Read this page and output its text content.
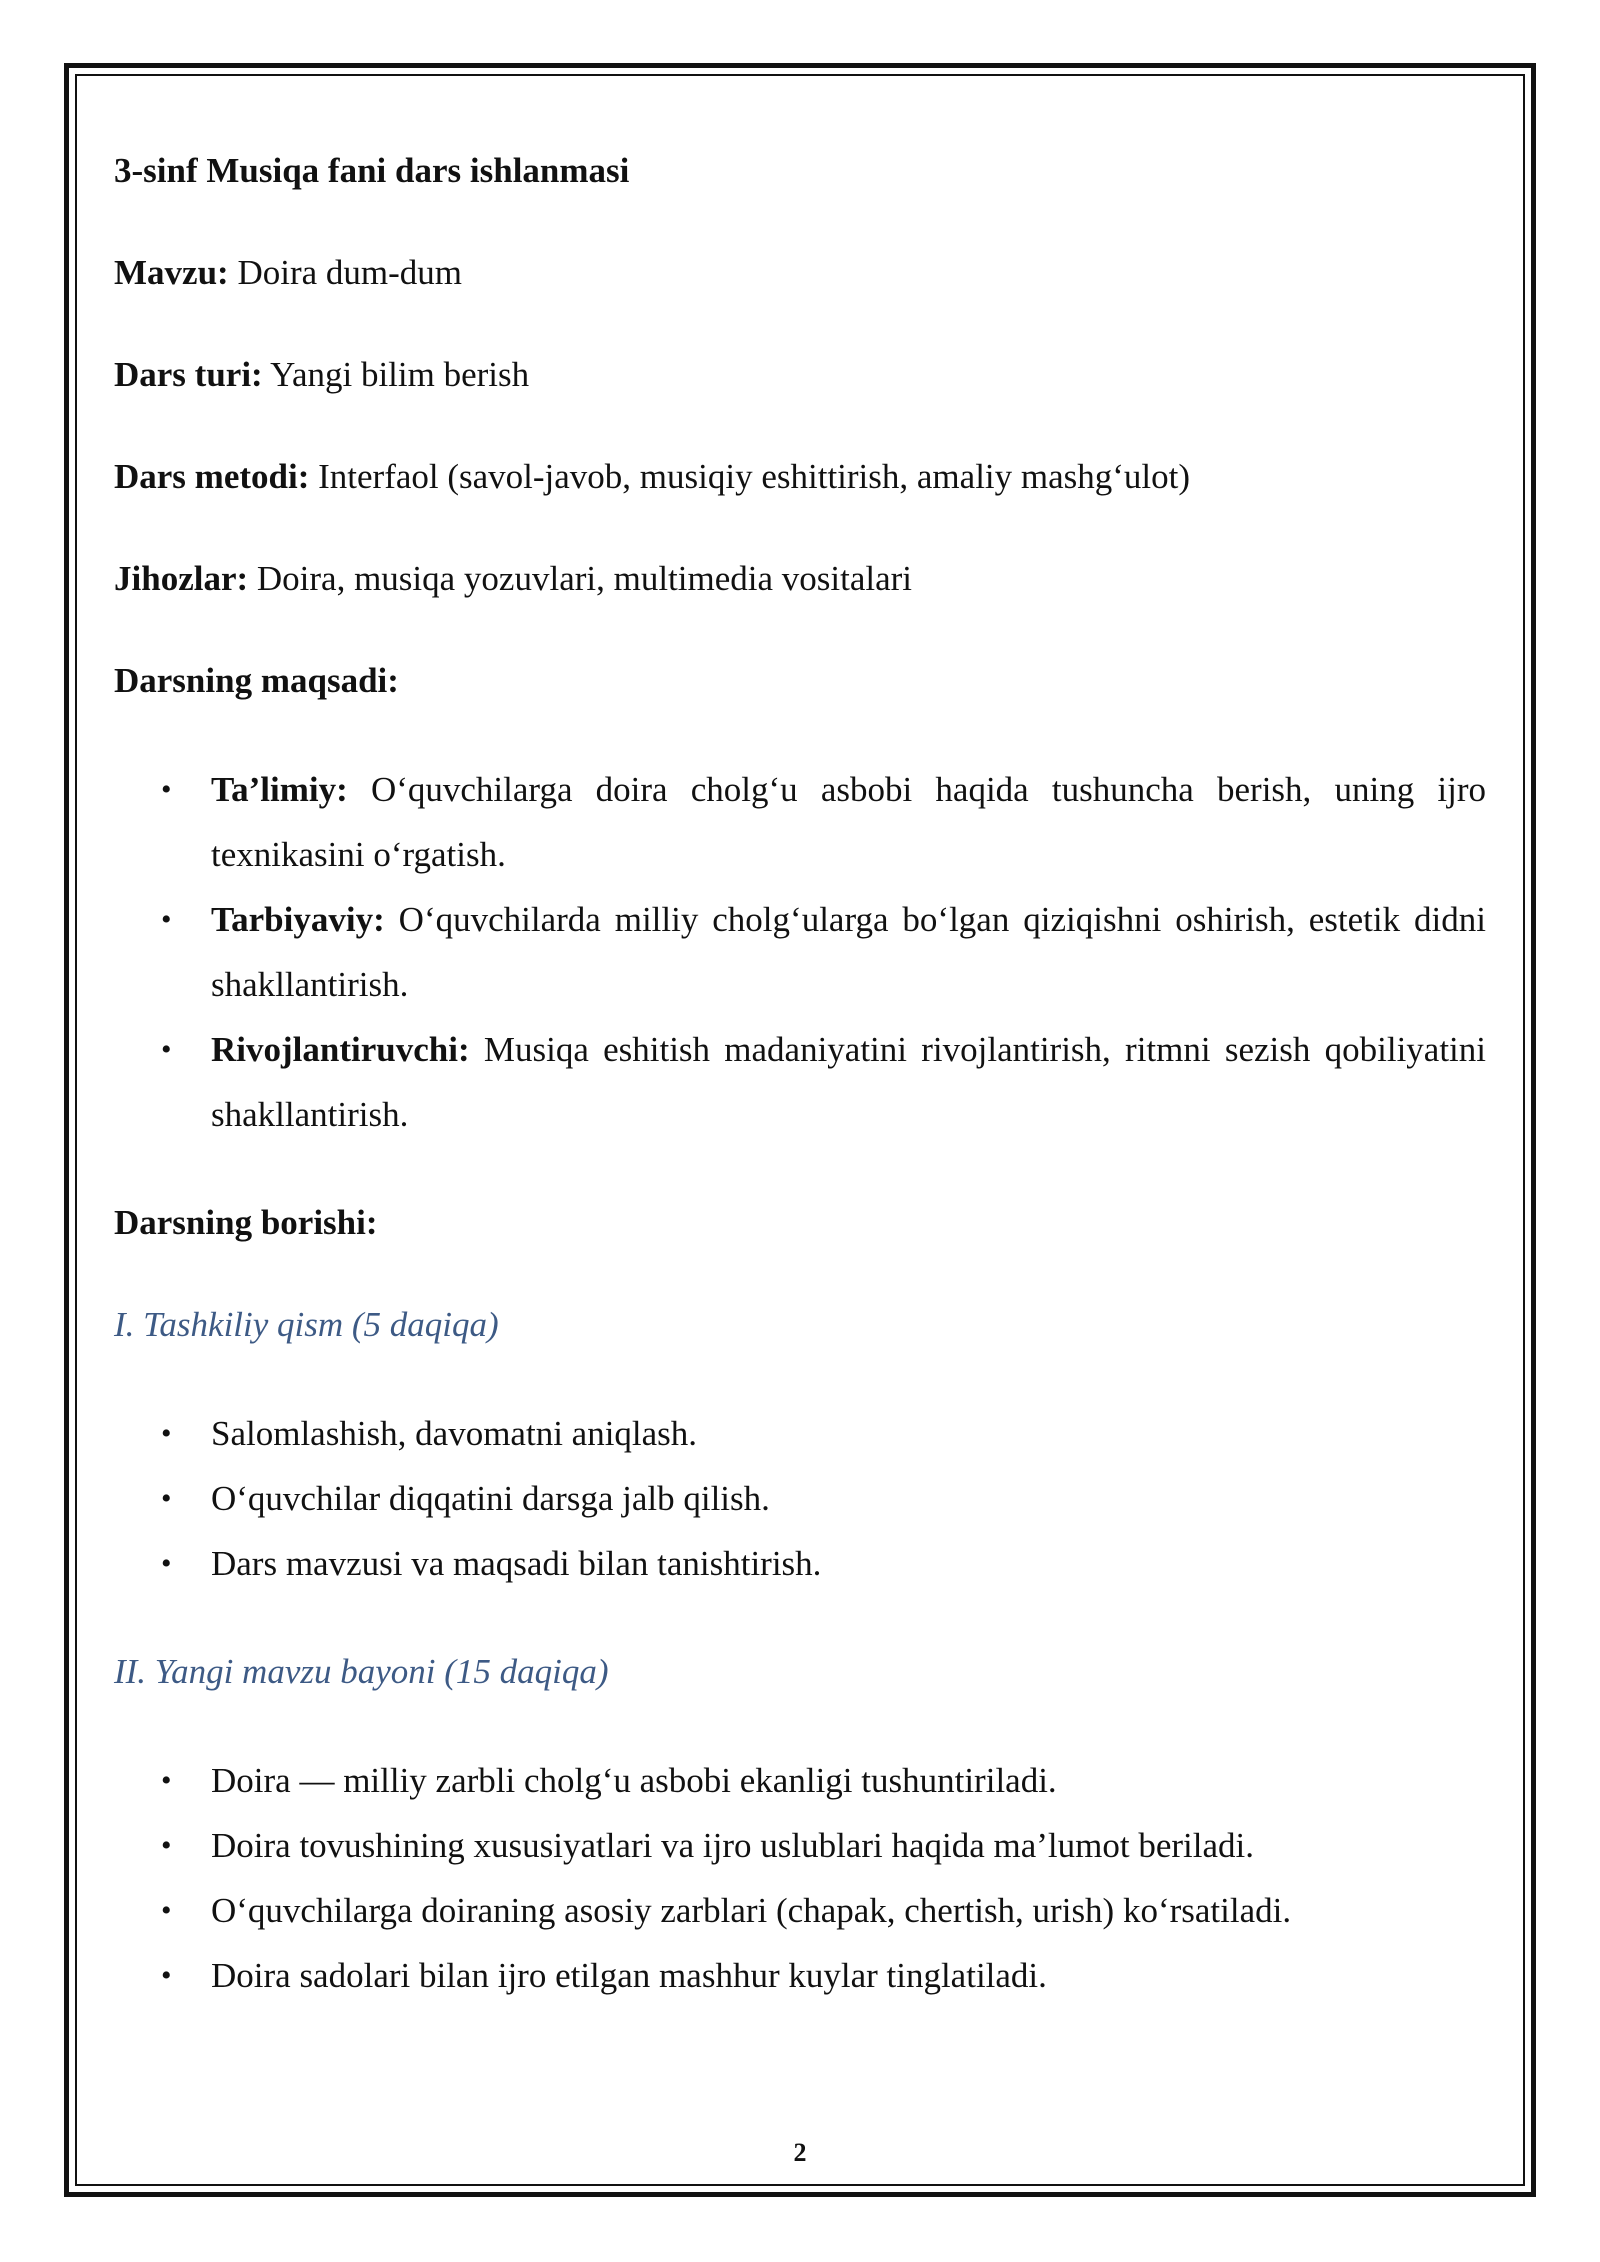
3-sinf Musiqa fani dars ishlanmasi

Mavzu: Doira dum-dum

Dars turi: Yangi bilim berish

Dars metodi: Interfaol (savol-javob, musiqiy eshittirish, amaliy mashg‘ulot)

Jihozlar: Doira, musiqa yozuvlari, multimedia vositalari

Darsning maqsadi:

• Ta’limiy: O‘quvchilarga doira cholg‘u asbobi haqida tushuncha berish, uning ijro texnikasini o‘rgatish.
• Tarbiyaviy: O‘quvchilarda milliy cholg‘ularga bo‘lgan qiziqishni oshirish, estetik didni shakllantirish.
• Rivojlantiruvchi: Musiqa eshitish madaniyatini rivojlantirish, ritmni sezish qobiliyatini shakllantirish.

Darsning borishi:

I. Tashkiliy qism (5 daqiqa)

• Salomlashish, davomatni aniqlash.
• O‘quvchilar diqqatini darsga jalb qilish.
• Dars mavzusi va maqsadi bilan tanishtirish.

II. Yangi mavzu bayoni (15 daqiqa)

• Doira — milliy zarbli cholg‘u asbobi ekanligi tushuntiriladi.
• Doira tovushining xususiyatlari va ijro uslublari haqida ma’lumot beriladi.
• O‘quvchilarga doiraning asosiy zarblari (chapak, chertish, urish) ko‘rsatiladi.
• Doira sadolari bilan ijro etilgan mashhur kuylar tinglatiladi.
2
